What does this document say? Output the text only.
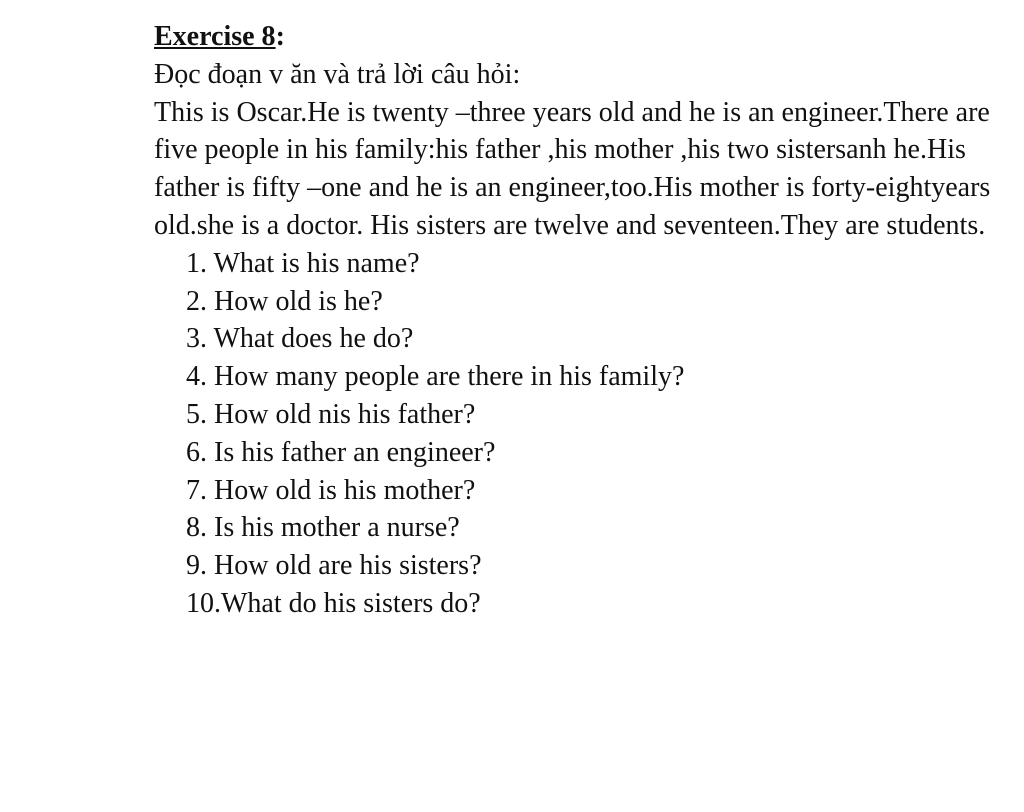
Exercise 8:

Đọc đoạn v ăn và trả lời câu hỏi:

This is Oscar.He is twenty –three years old and he is an engineer.There are five people in his family:his father ,his mother ,his two sistersanh he.His father is fifty –one and he is an engineer,too.His mother is forty-eightyears old.she is a doctor. His sisters are twelve and seventeen.They are students.

1. What is his name?
2. How old is he?
3. What does he do?
4. How many people are there in his family?
5. How old nis his father?
6. Is his father an engineer?
7. How old is his mother?
8. Is his mother a nurse?
9. How old are his sisters?
10.What do his sisters do?
